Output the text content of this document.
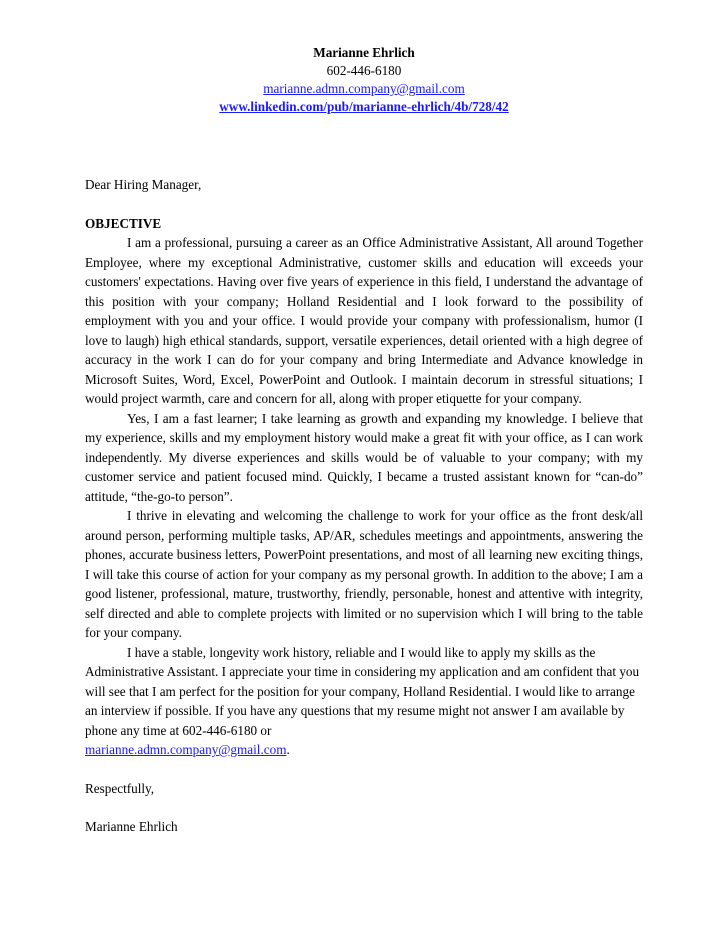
Marianne Ehrlich
602-446-6180
marianne.admn.company@gmail.com
www.linkedin.com/pub/marianne-ehrlich/4b/728/42
Dear Hiring Manager,
OBJECTIVE

I am a professional, pursuing a career as an Office Administrative Assistant, All around Together Employee, where my exceptional Administrative, customer skills and education will exceeds your customers' expectations. Having over five years of experience in this field, I understand the advantage of this position with your company; Holland Residential and I look forward to the possibility of employment with you and your office. I would provide your company with professionalism, humor (I love to laugh) high ethical standards, support, versatile experiences, detail oriented with a high degree of accuracy in the work I can do for your company and bring Intermediate and Advance knowledge in Microsoft Suites, Word, Excel, PowerPoint and Outlook. I maintain decorum in stressful situations; I would project warmth, care and concern for all, along with proper etiquette for your company.

Yes, I am a fast learner; I take learning as growth and expanding my knowledge. I believe that my experience, skills and my employment history would make a great fit with your office, as I can work independently. My diverse experiences and skills would be of valuable to your company; with my customer service and patient focused mind. Quickly, I became a trusted assistant known for “can-do” attitude, “the-go-to person”.

I thrive in elevating and welcoming the challenge to work for your office as the front desk/all around person, performing multiple tasks, AP/AR, schedules meetings and appointments, answering the phones, accurate business letters, PowerPoint presentations, and most of all learning new exciting things, I will take this course of action for your company as my personal growth. In addition to the above; I am a good listener, professional, mature, trustworthy, friendly, personable, honest and attentive with integrity, self directed and able to complete projects with limited or no supervision which I will bring to the table for your company.

I have a stable, longevity work history, reliable and I would like to apply my skills as the Administrative Assistant. I appreciate your time in considering my application and am confident that you will see that I am perfect for the position for your company, Holland Residential. I would like to arrange an interview if possible. If you have any questions that my resume might not answer I am available by phone any time at 602-446-6180 or
marianne.admn.company@gmail.com.

Respectfully,
Marianne Ehrlich
